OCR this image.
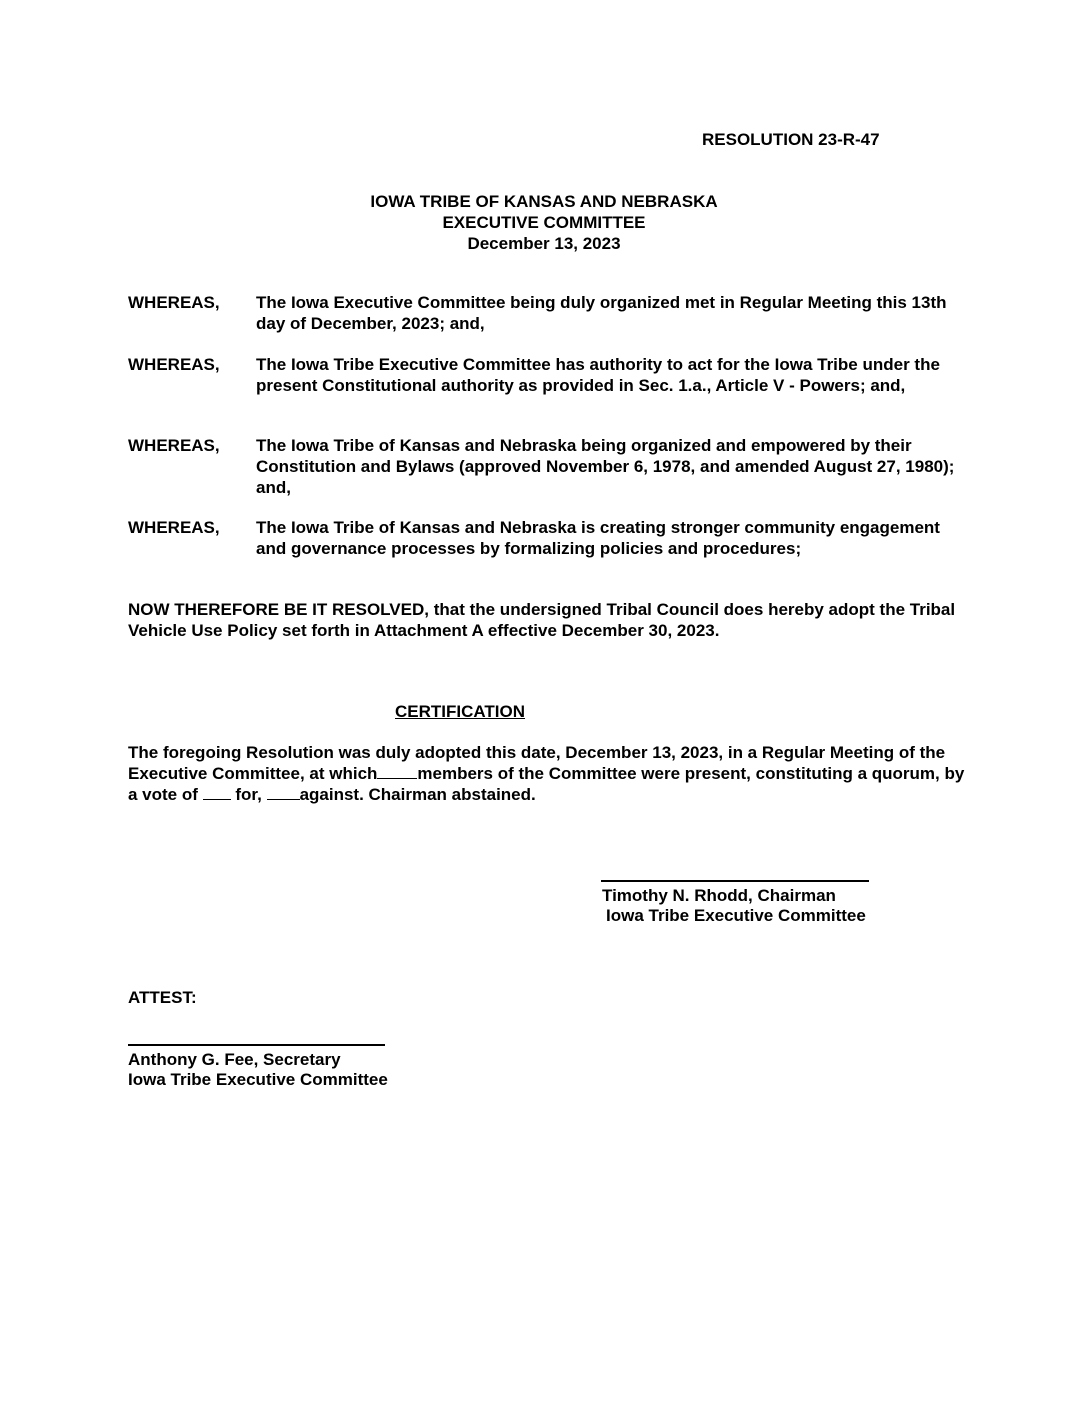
RESOLUTION 23-R-47
IOWA TRIBE OF KANSAS AND NEBRASKA
EXECUTIVE COMMITTEE
December 13, 2023
WHEREAS, The Iowa Executive Committee being duly organized met in Regular Meeting this 13th day of December, 2023; and,
WHEREAS, The Iowa Tribe Executive Committee has authority to act for the Iowa Tribe under the present Constitutional authority as provided in Sec. 1.a., Article V - Powers; and,
WHEREAS, The Iowa Tribe of Kansas and Nebraska being organized and empowered by their Constitution and Bylaws (approved November 6, 1978, and amended August 27, 1980); and,
WHEREAS, The Iowa Tribe of Kansas and Nebraska is creating stronger community engagement and governance processes by formalizing policies and procedures;
NOW THEREFORE BE IT RESOLVED, that the undersigned Tribal Council does hereby adopt the Tribal Vehicle Use Policy set forth in Attachment A effective December 30, 2023.
CERTIFICATION
The foregoing Resolution was duly adopted this date, December 13, 2023, in a Regular Meeting of the Executive Committee, at which members of the Committee were present, constituting a quorum, by a vote of for, against. Chairman abstained.
Timothy N. Rhodd, Chairman
Iowa Tribe Executive Committee
ATTEST:
Anthony G. Fee, Secretary
Iowa Tribe Executive Committee
